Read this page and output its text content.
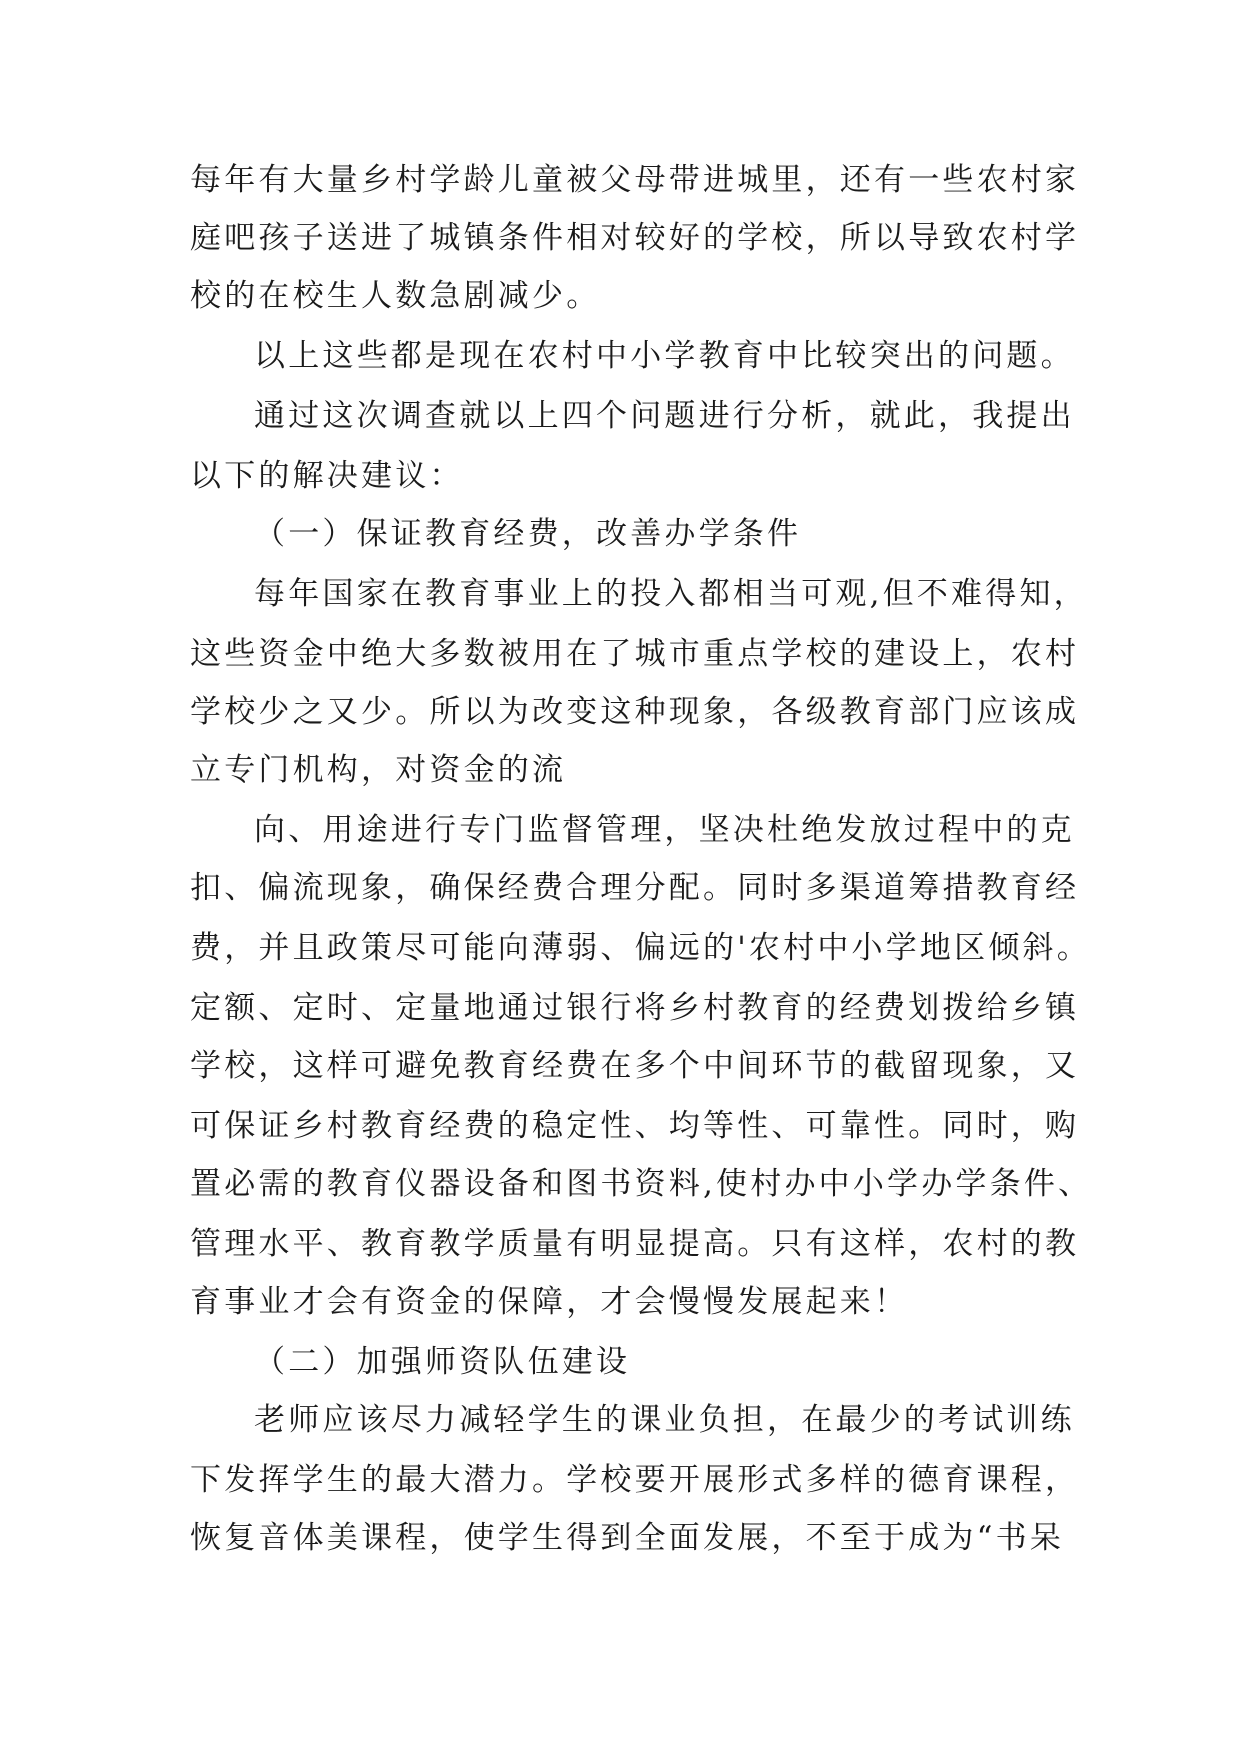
每年有大量乡村学龄儿童被父母带进城里，还有一些农村家
庭吧孩子送进了城镇条件相对较好的学校，所以导致农村学
校的在校生人数急剧减少。
以上这些都是现在农村中小学教育中比较突出的问题。
通过这次调查就以上四个问题进行分析，就此，我提出
以下的解决建议：
（一）保证教育经费，改善办学条件
每年国家在教育事业上的投入都相当可观,但不难得知，
这些资金中绝大多数被用在了城市重点学校的建设上，农村
学校少之又少。所以为改变这种现象，各级教育部门应该成
立专门机构，对资金的流
向、用途进行专门监督管理，坚决杜绝发放过程中的克
扣、偏流现象，确保经费合理分配。同时多渠道筹措教育经
费，并且政策尽可能向薄弱、偏远的'农村中小学地区倾斜。
定额、定时、定量地通过银行将乡村教育的经费划拨给乡镇
学校，这样可避免教育经费在多个中间环节的截留现象，又
可保证乡村教育经费的稳定性、均等性、可靠性。同时，购
置必需的教育仪器设备和图书资料,使村办中小学办学条件、
管理水平、教育教学质量有明显提高。只有这样，农村的教
育事业才会有资金的保障，才会慢慢发展起来！
（二）加强师资队伍建设
老师应该尽力减轻学生的课业负担，在最少的考试训练
下发挥学生的最大潜力。学校要开展形式多样的德育课程，
恢复音体美课程，使学生得到全面发展，不至于成为“书呆
